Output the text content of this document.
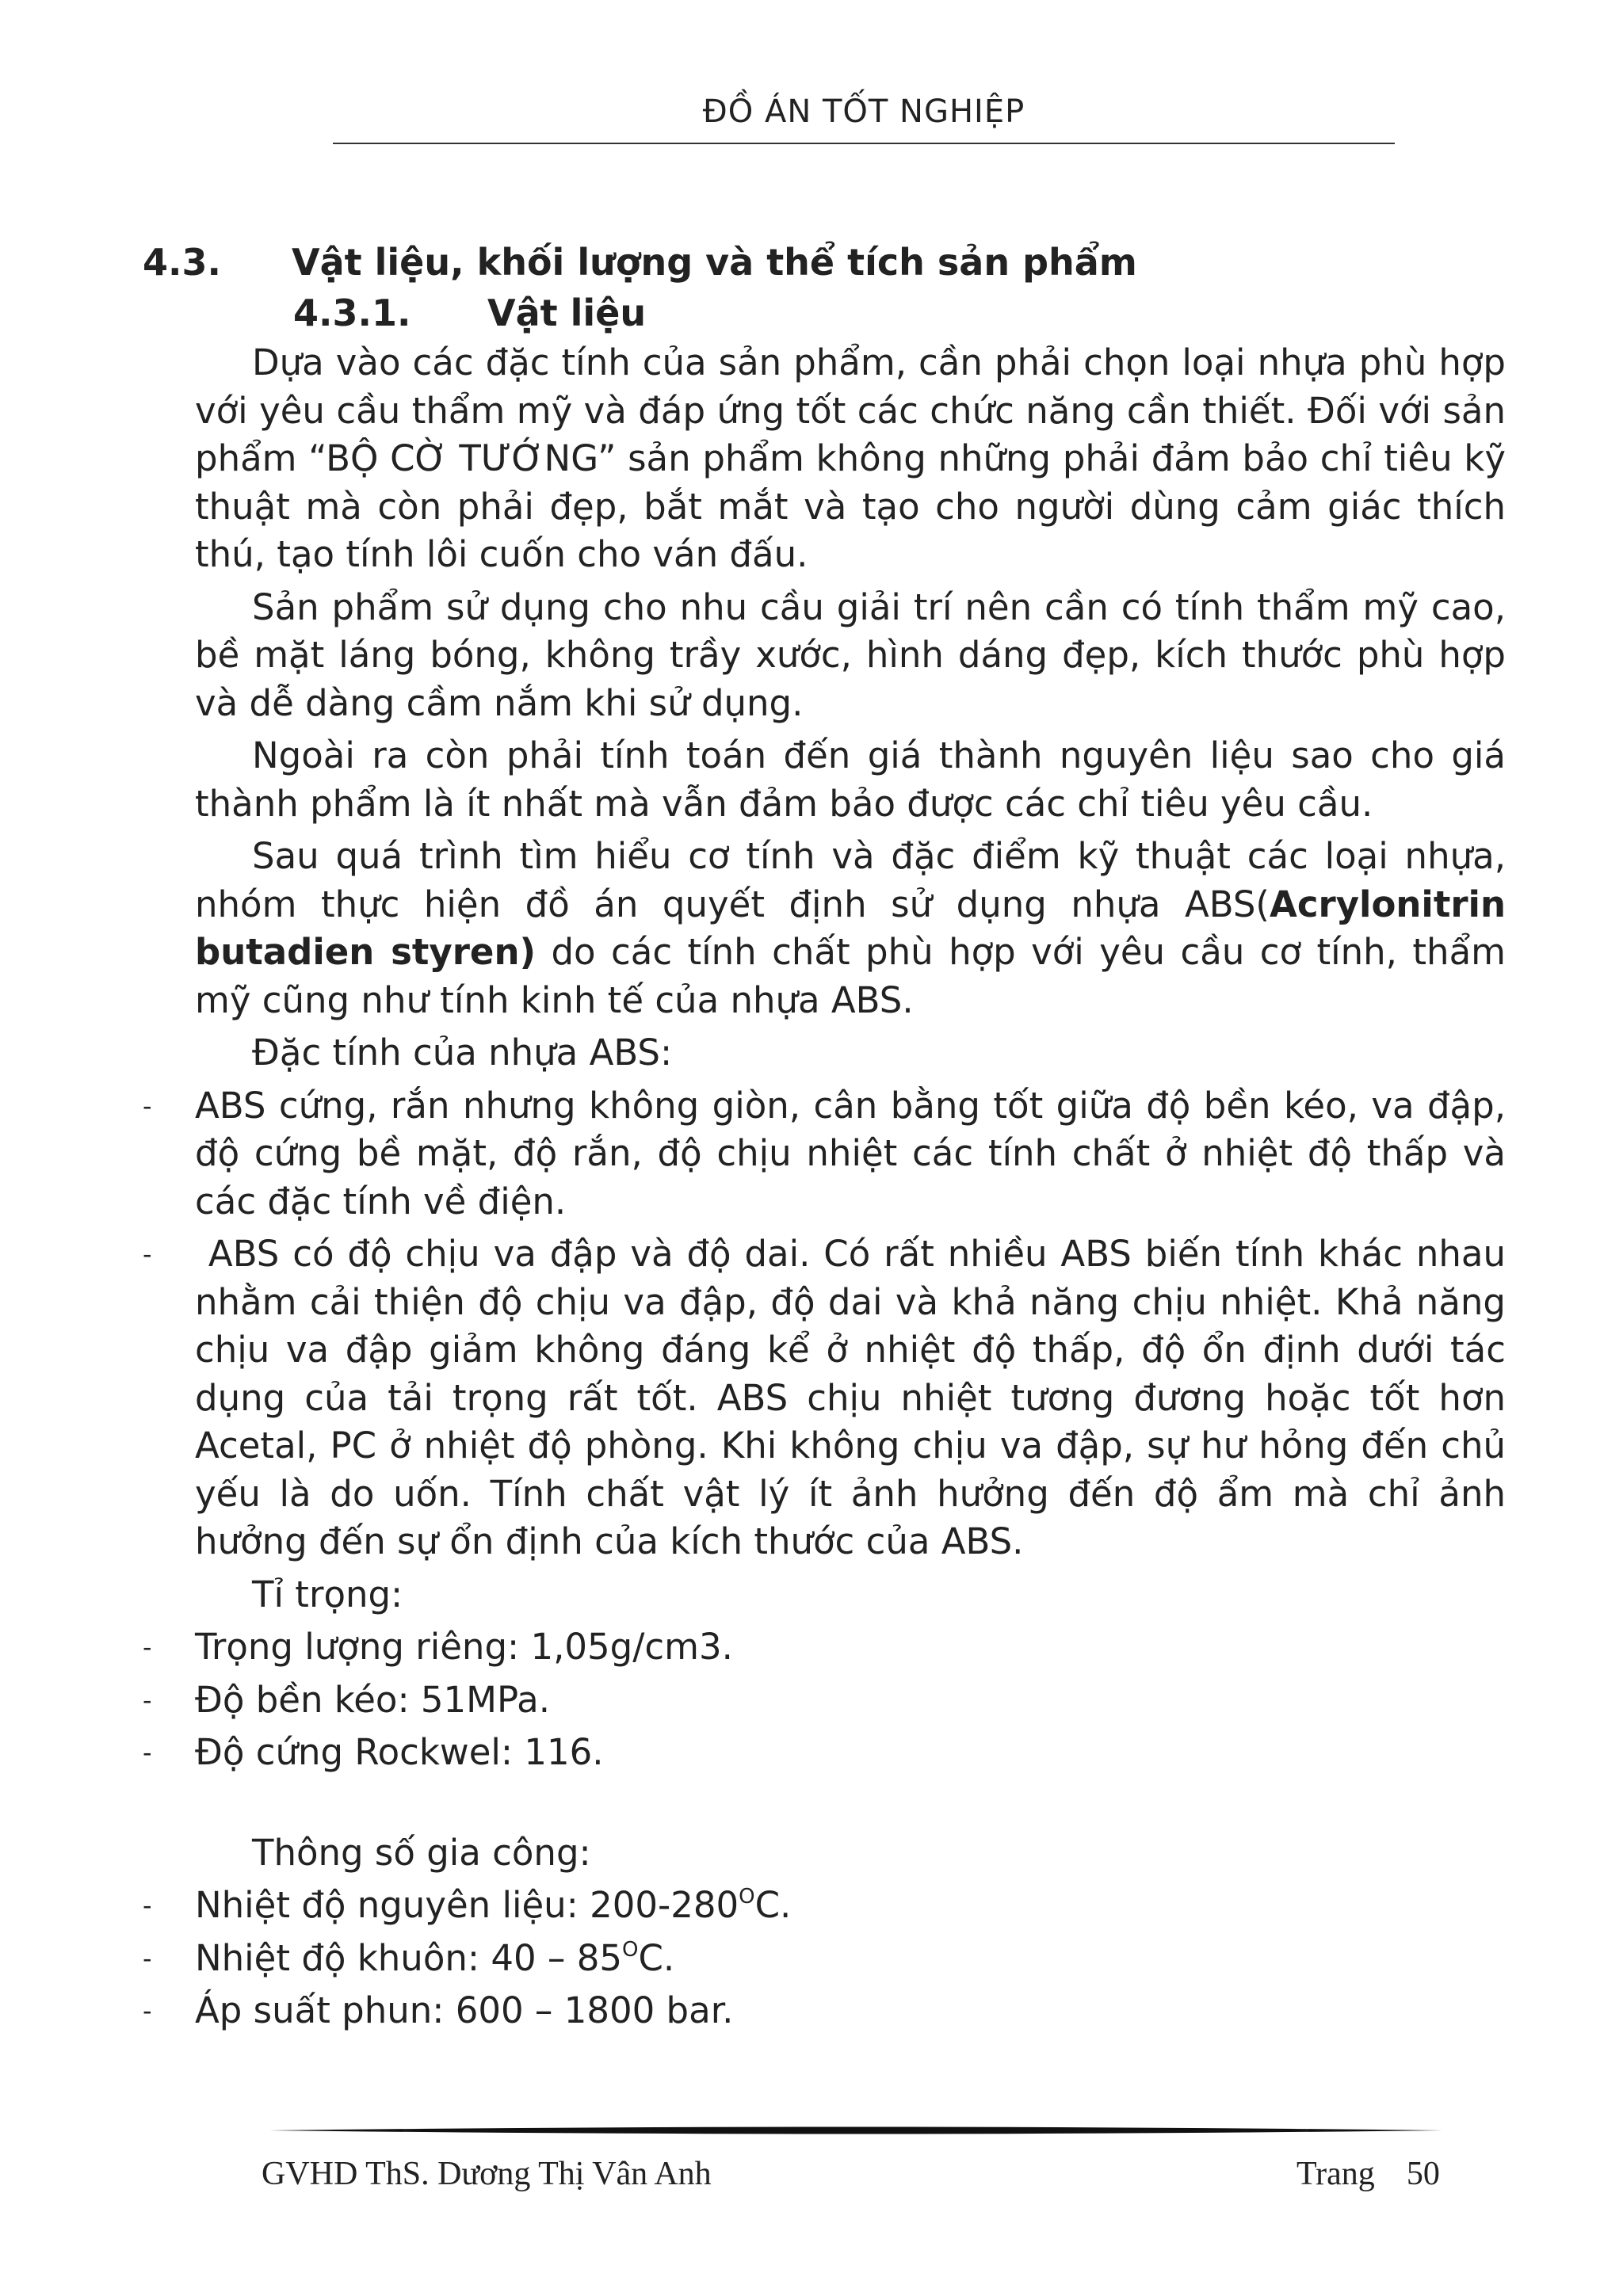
ĐỒ ÁN TỐT NGHIỆP
4.3.	Vật liệu, khối lượng và thể tích sản phẩm
4.3.1.	Vật liệu

Dựa vào các đặc tính của sản phẩm, cần phải chọn loại nhựa phù hợp với yêu cầu thẩm mỹ và đáp ứng tốt các chức năng cần thiết. Đối với sản phẩm “BỘ CỜ TƯỚNG” sản phẩm không những phải đảm bảo chỉ tiêu kỹ thuật mà còn phải đẹp, bắt mắt và tạo cho người dùng cảm giác thích thú, tạo tính lôi cuốn cho ván đấu.

Sản phẩm sử dụng cho nhu cầu giải trí nên cần có tính thẩm mỹ cao, bề mặt láng bóng, không trầy xước, hình dáng đẹp, kích thước phù hợp và dễ dàng cầm nắm khi sử dụng.

Ngoài ra còn phải tính toán đến giá thành nguyên liệu sao cho giá thành phẩm là ít nhất mà vẫn đảm bảo được các chỉ tiêu yêu cầu.

Sau quá trình tìm hiểu cơ tính và đặc điểm kỹ thuật các loại nhựa, nhóm thực hiện đồ án quyết định sử dụng nhựa ABS(Acrylonitrin butadien styren) do các tính chất phù hợp với yêu cầu cơ tính, thẩm mỹ cũng như tính kinh tế của nhựa ABS.

Đặc tính của nhựa ABS:

- ABS cứng, rắn nhưng không giòn, cân bằng tốt giữa độ bền kéo, va đập, độ cứng bề mặt, độ rắn, độ chịu nhiệt các tính chất ở nhiệt độ thấp và các đặc tính về điện.
- ABS có độ chịu va đập và độ dai. Có rất nhiều ABS biến tính khác nhau nhằm cải thiện độ chịu va đập, độ dai và khả năng chịu nhiệt. Khả năng chịu va đập giảm không đáng kể ở nhiệt độ thấp, độ ổn định dưới tác dụng của tải trọng rất tốt. ABS chịu nhiệt tương đương hoặc tốt hơn Acetal, PC ở nhiệt độ phòng. Khi không chịu va đập, sự hư hỏng đến chủ yếu là do uốn. Tính chất vật lý ít ảnh hưởng đến độ ẩm mà chỉ ảnh hưởng đến sự ổn định của kích thước của ABS.

Tỉ trọng:

- Trọng lượng riêng: 1,05g/cm3.
- Độ bền kéo: 51MPa.
- Độ cứng Rockwel: 116.

Thông số gia công:

- Nhiệt độ nguyên liệu: $200-280^OC$.
- Nhiệt độ khuôn: $40 - 85^OC$.
- Áp suất phun: 600 – 1800 bar.
GVHD ThS. Dương Thị Vân Anh	Trang 50
